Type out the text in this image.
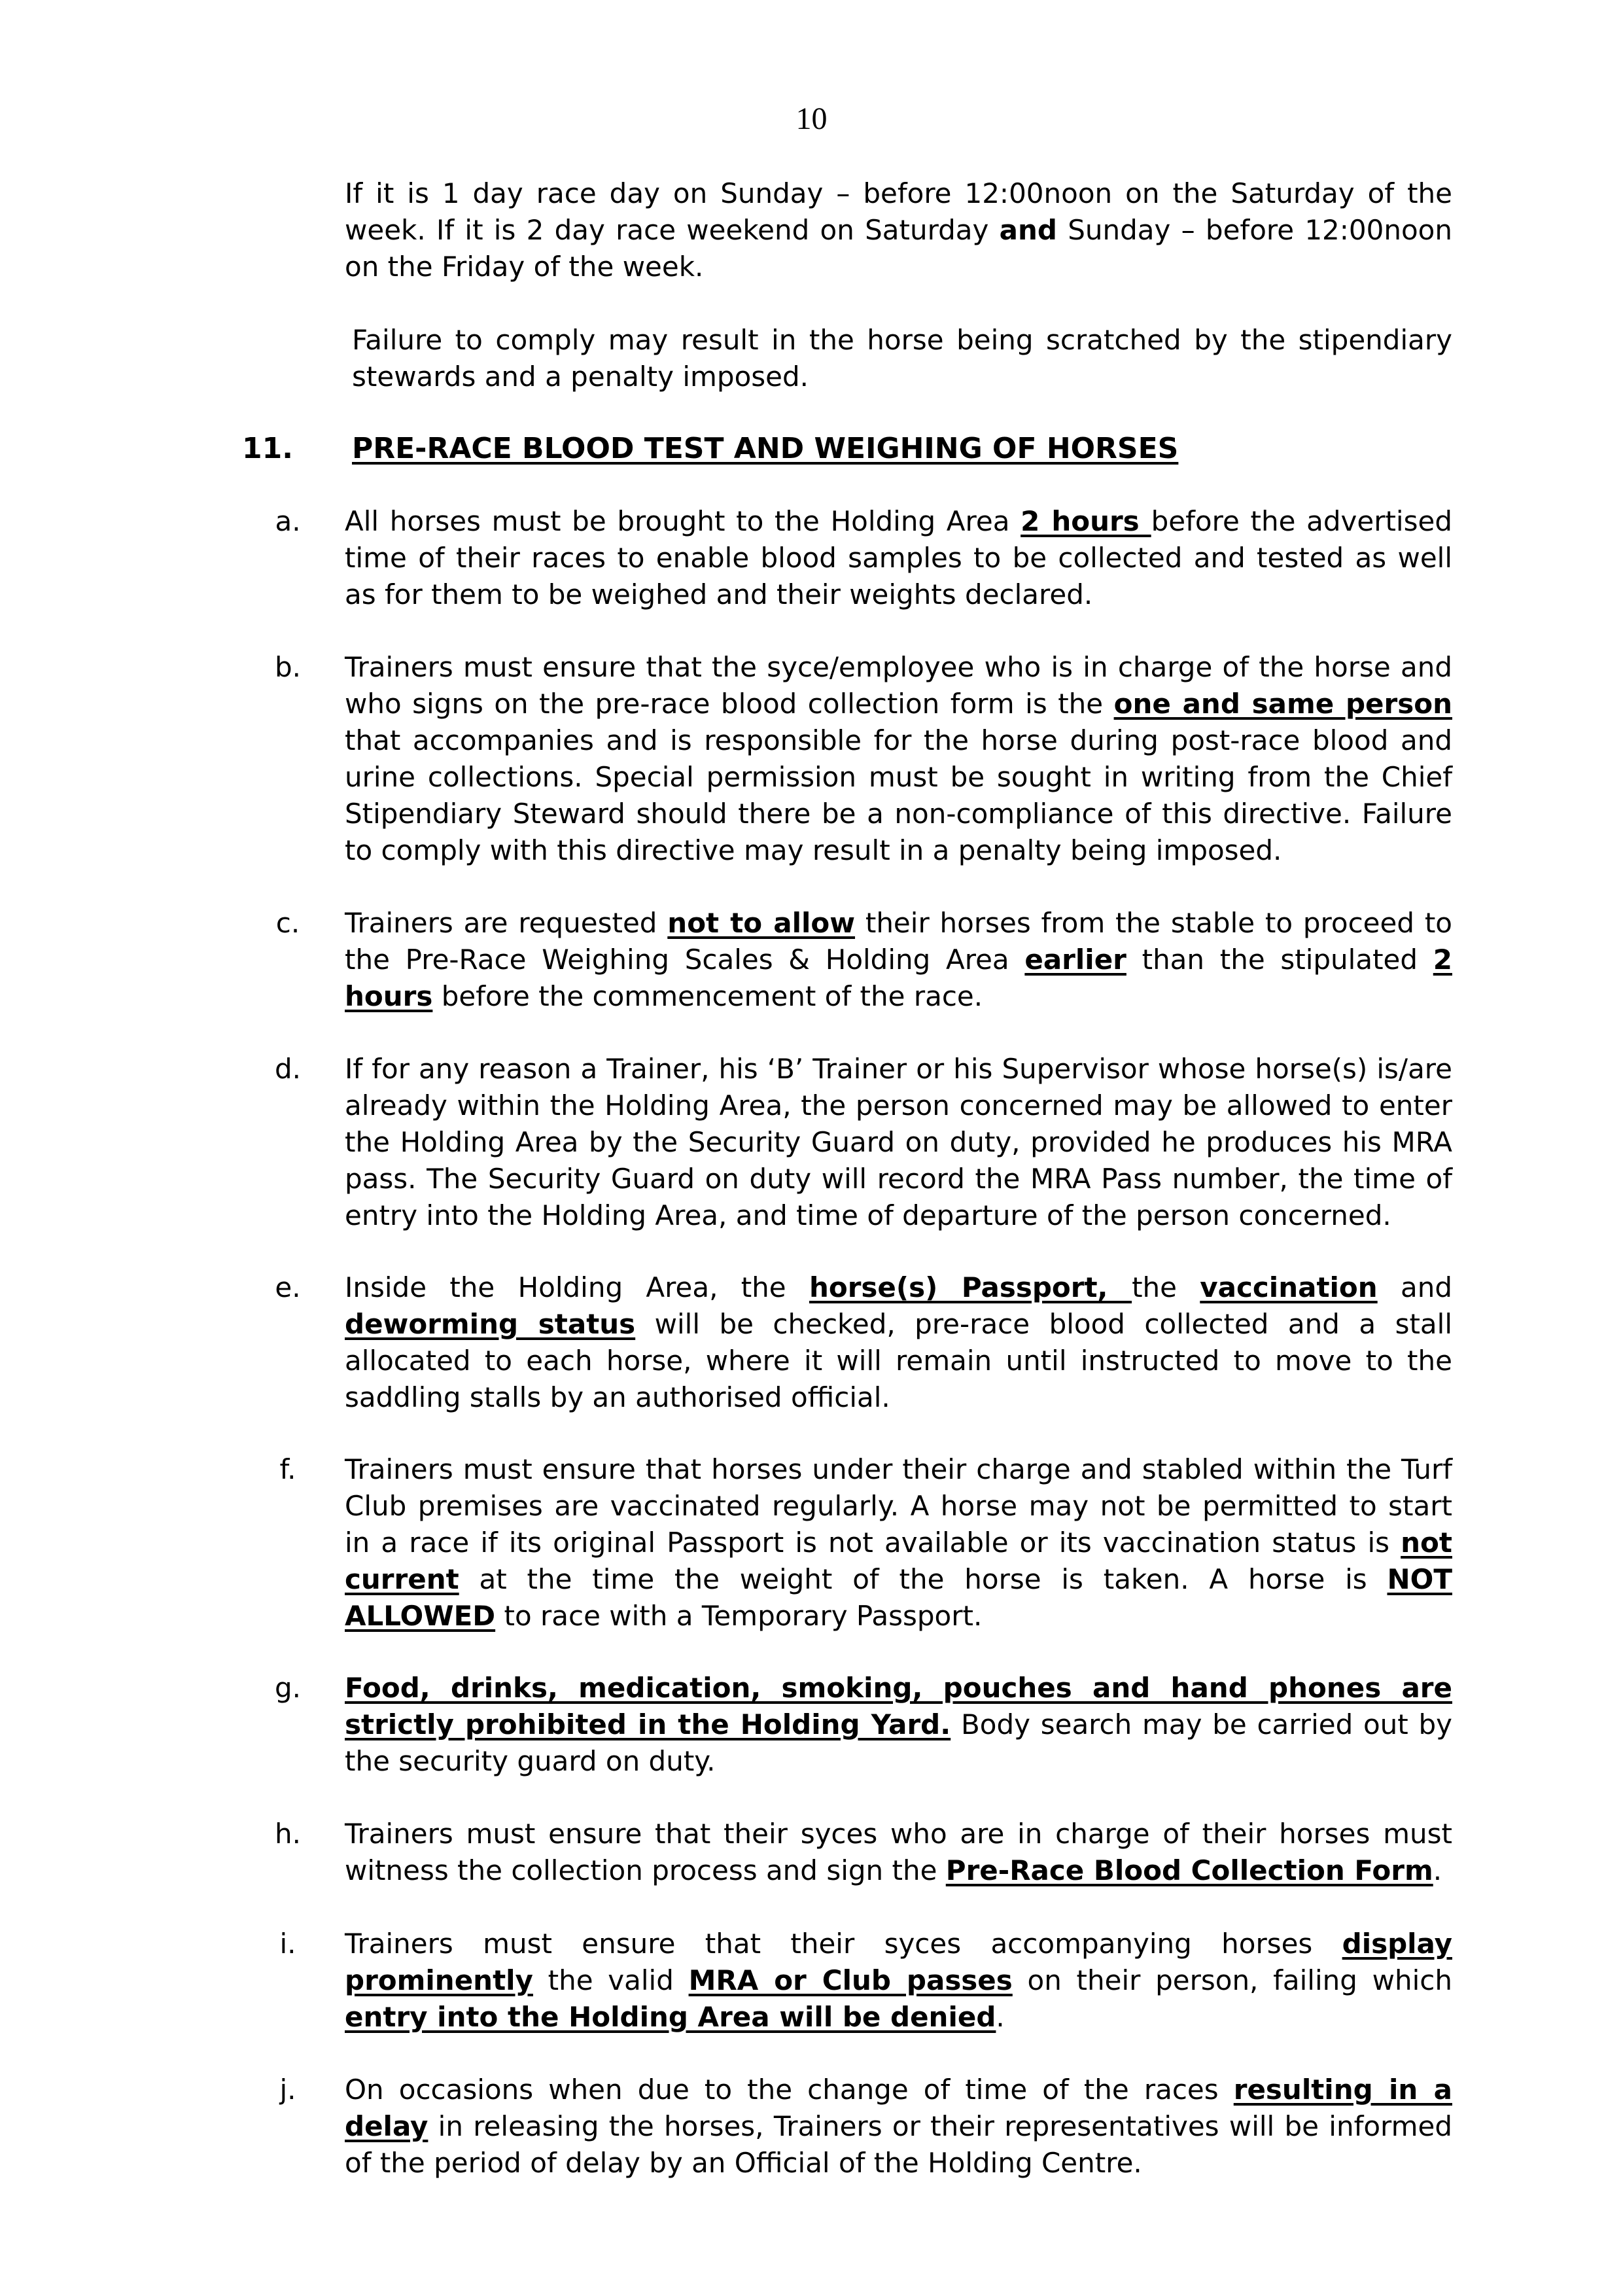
10

If it is 1 day race day on Sunday – before 12:00noon on the Saturday of the week. If it is 2 day race weekend on Saturday and Sunday – before 12:00noon on the Friday of the week.

Failure to comply may result in the horse being scratched by the stipendiary stewards and a penalty imposed.

11. PRE-RACE BLOOD TEST AND WEIGHING OF HORSES
a.	All horses must be brought to the Holding Area 2 hours before the advertised time of their races to enable blood samples to be collected and tested as well as for them to be weighed and their weights declared.

b.	Trainers must ensure that the syce/employee who is in charge of the horse and who signs on the pre-race blood collection form is the one and same person that accompanies and is responsible for the horse during post-race blood and urine collections. Special permission must be sought in writing from the Chief Stipendiary Steward should there be a non-compliance of this directive. Failure to comply with this directive may result in a penalty being imposed.

c.	Trainers are requested not to allow their horses from the stable to proceed to the Pre-Race Weighing Scales & Holding Area earlier than the stipulated 2 hours before the commencement of the race.

d.	If for any reason a Trainer, his ‘B’ Trainer or his Supervisor whose horse(s) is/are already within the Holding Area, the person concerned may be allowed to enter the Holding Area by the Security Guard on duty, provided he produces his MRA pass. The Security Guard on duty will record the MRA Pass number, the time of entry into the Holding Area, and time of departure of the person concerned.

e.	Inside the Holding Area, the horse(s) Passport, the vaccination and deworming status will be checked, pre-race blood collected and a stall allocated to each horse, where it will remain until instructed to move to the saddling stalls by an authorised official.

f.	Trainers must ensure that horses under their charge and stabled within the Turf Club premises are vaccinated regularly. A horse may not be permitted to start in a race if its original Passport is not available or its vaccination status is not current at the time the weight of the horse is taken. A horse is NOT ALLOWED to race with a Temporary Passport.

g.	Food, drinks, medication, smoking, pouches and hand phones are strictly prohibited in the Holding Yard. Body search may be carried out by the security guard on duty.

h.	Trainers must ensure that their syces who are in charge of their horses must witness the collection process and sign the Pre-Race Blood Collection Form.

i.	Trainers must ensure that their syces accompanying horses display prominently the valid MRA or Club passes on their person, failing which entry into the Holding Area will be denied.

j.	On occasions when due to the change of time of the races resulting in a delay in releasing the horses, Trainers or their representatives will be informed of the period of delay by an Official of the Holding Centre.
